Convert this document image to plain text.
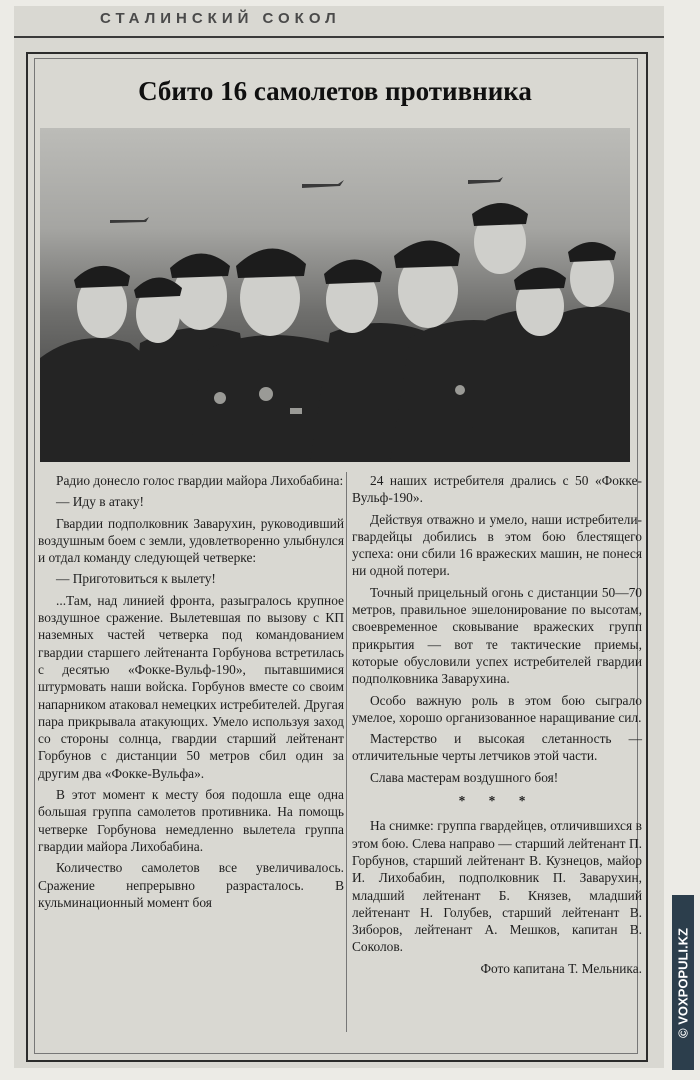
СТАЛИНСКИЙ СОКОЛ
Сбито 16 самолетов противника

Радио донесло голос гвардии майора Лихобабина:

— Иду в атаку!

Гвардии подполковник Заварухин, руководивший воздушным боем с земли, удовлетворенно улыбнулся и отдал команду следующей четверке:

— Приготовиться к вылету!

...Там, над линией фронта, разыгралось крупное воздушное сражение. Вылетевшая по вызову с КП наземных частей четверка под командованием гвардии старшего лейтенанта Горбунова встретилась с десятью «Фокке-Вульф-190», пытавшимися штурмовать наши войска. Горбунов вместе со своим напарником атаковал немецких истребителей. Другая пара прикрывала атакующих. Умело используя заход со стороны солнца, гвардии старший лейтенант Горбунов с дистанции 50 метров сбил один за другим два «Фокке-Вульфа».

В этот момент к месту боя подошла еще одна большая группа самолетов противника. На помощь четверке Горбунова немедленно вылетела группа гвардии майора Лихобабина.

Количество самолетов все увеличивалось. Сражение непрерывно разрасталось. В кульминационный момент боя

24 наших истребителя дрались с 50 «Фокке-Вульф-190».

Действуя отважно и умело, наши истребители-гвардейцы добились в этом бою блестящего успеха: они сбили 16 вражеских машин, не понеся ни одной потери.

Точный прицельный огонь с дистанции 50—70 метров, правильное эшелонирование по высотам, своевременное сковывание вражеских групп прикрытия — вот те тактические приемы, которые обусловили успех истребителей гвардии подполковника Заварухина.

Особо важную роль в этом бою сыграло умелое, хорошо организованное наращивание сил.

Мастерство и высокая слетанность — отличительные черты летчиков этой части.

Слава мастерам воздушного боя!

* * *

На снимке: группа гвардейцев, отличившихся в этом бою. Слева направо — старший лейтенант П. Горбунов, старший лейтенант В. Кузнецов, майор И. Лихобабин, подполковник П. Заварухин, младший лейтенант Б. Князев, младший лейтенант Н. Голубев, старший лейтенант В. Зиборов, лейтенант А. Мешков, капитан В. Соколов.

Фото капитана Т. Мельника.	© VOXPOPULI.KZ
